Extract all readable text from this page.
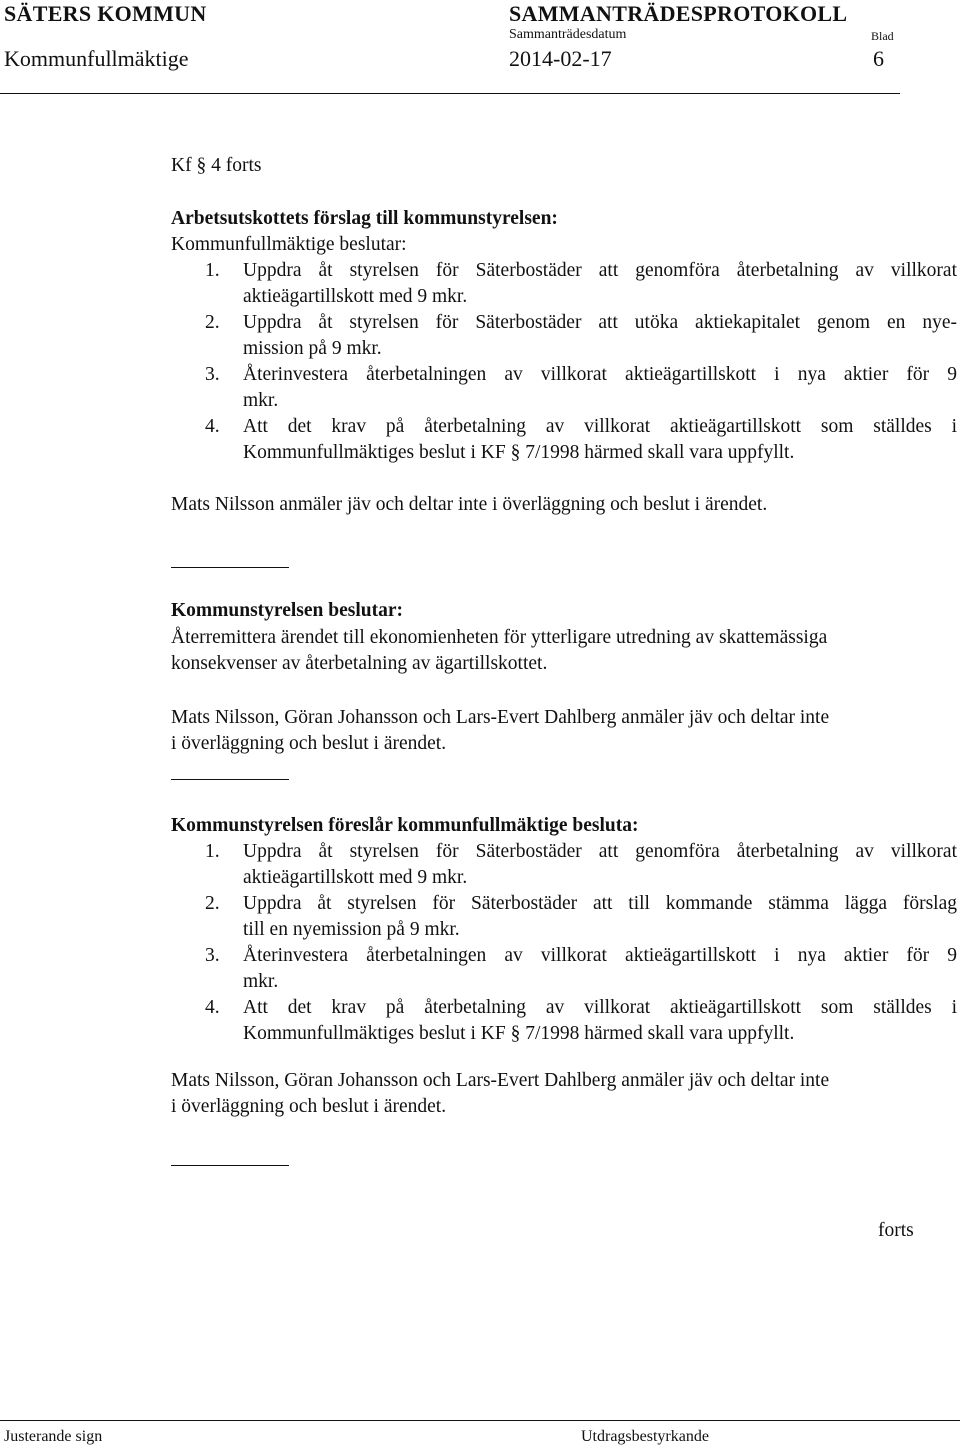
SÄTERS KOMMUN	SAMMANTRÄDESPROTOKOLL
Sammanträdesdatum	Blad
Kommunfullmäktige	2014-02-17	6
Kf § 4 forts
Arbetsutskottets förslag till kommunstyrelsen:
Kommunfullmäktige beslutar:
1.	Uppdra åt styrelsen för Säterbostäder att genomföra återbetalning av villkorat
aktieägartillskott med 9 mkr.
2.	Uppdra åt styrelsen för Säterbostäder att utöka aktiekapitalet genom en nye-
mission på 9 mkr.
3.	Återinvestera återbetalningen av villkorat aktieägartillskott i nya aktier för 9
mkr.
4.	Att det krav på återbetalning av villkorat aktieägartillskott som ställdes i
Kommunfullmäktiges beslut i KF § 7/1998 härmed skall vara uppfyllt.
Mats Nilsson anmäler jäv och deltar inte i överläggning och beslut i ärendet.
Kommunstyrelsen beslutar:
Återremittera ärendet till ekonomienheten för ytterligare utredning av skattemässiga
konsekvenser av återbetalning av ägartillskottet.
Mats Nilsson, Göran Johansson och Lars-Evert Dahlberg anmäler jäv och deltar inte
i överläggning och beslut i ärendet.
Kommunstyrelsen föreslår kommunfullmäktige besluta:
1.	Uppdra åt styrelsen för Säterbostäder att genomföra återbetalning av villkorat
aktieägartillskott med 9 mkr.
2.	Uppdra åt styrelsen för Säterbostäder att till kommande stämma lägga förslag
till en nyemission på 9 mkr.
3.	Återinvestera återbetalningen av villkorat aktieägartillskott i nya aktier för 9
mkr.
4.	Att det krav på återbetalning av villkorat aktieägartillskott som ställdes i
Kommunfullmäktiges beslut i KF § 7/1998 härmed skall vara uppfyllt.
Mats Nilsson, Göran Johansson och Lars-Evert Dahlberg anmäler jäv och deltar inte
i överläggning och beslut i ärendet.
forts
Justerande sign	Utdragsbestyrkande
